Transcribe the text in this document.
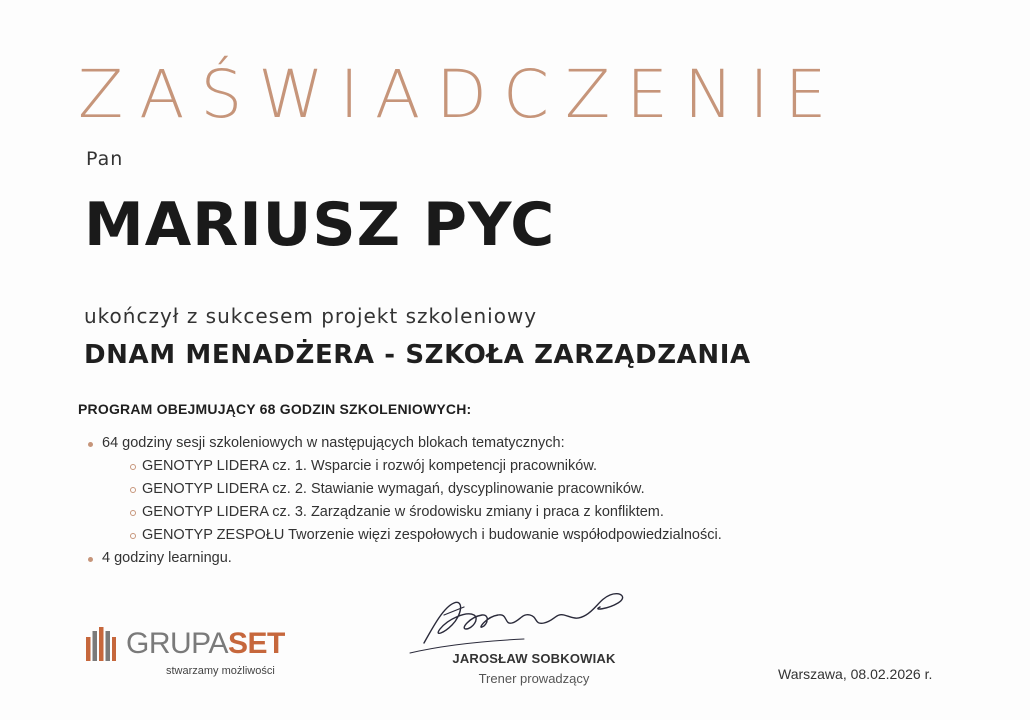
ZAŚWIADCZENIE
Pan
MARIUSZ PYC
ukończył z sukcesem projekt szkoleniowy
DNAM MENADŻERA - SZKOŁA ZARZĄDZANIA
PROGRAM OBEJMUJĄCY 68 GODZIN SZKOLENIOWYCH:
64 godziny sesji szkoleniowych w następujących blokach tematycznych:
GENOTYP LIDERA cz. 1. Wsparcie i rozwój kompetencji pracowników.
GENOTYP LIDERA cz. 2. Stawianie wymagań, dyscyplinowanie pracowników.
GENOTYP LIDERA cz. 3. Zarządzanie w środowisku zmiany i praca z konfliktem.
GENOTYP ZESPOŁU Tworzenie więzi zespołowych i budowanie współodpowiedzialności.
4 godziny learningu.
GRUPASET
stwarzamy możliwości
JAROSŁAW SOBKOWIAK
Trener prowadzący	Warszawa, 08.02.2026 r.
